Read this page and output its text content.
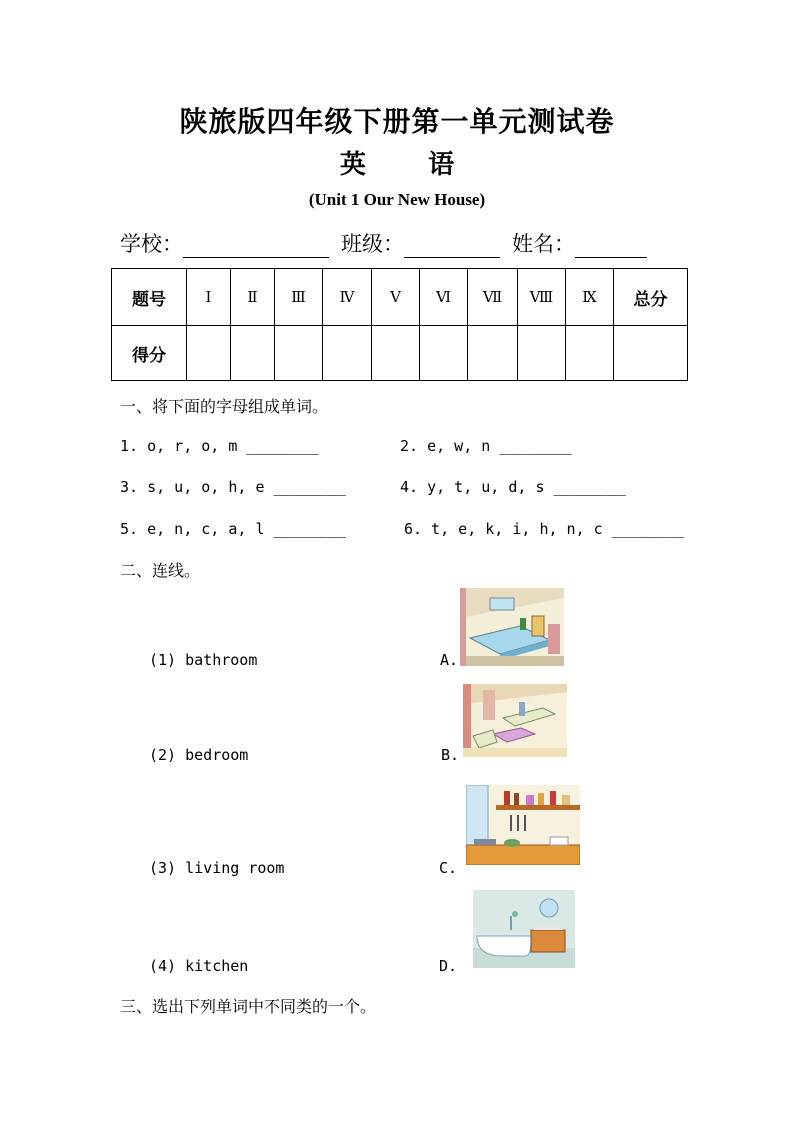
陕旅版四年级下册第一单元测试卷
英 语
(Unit 1 Our New House)
学校：	班级：	姓名：
题号	Ⅰ	Ⅱ	Ⅲ	Ⅳ	Ⅴ	Ⅵ	Ⅶ	Ⅷ	Ⅸ	总分
得分										
一、将下面的字母组成单词。
1. o, r, o, m ________	2. e, w, n ________
3. s, u, o, h, e ________	4. y, t, u, d, s ________
5. e, n, c, a, l ________	6. t, e, k, i, h, n, c ________
二、连线。
(1) bathroom
(2) bedroom
(3) living room
(4) kitchen
A.
B.
C.
D.
三、选出下列单词中不同类的一个。
